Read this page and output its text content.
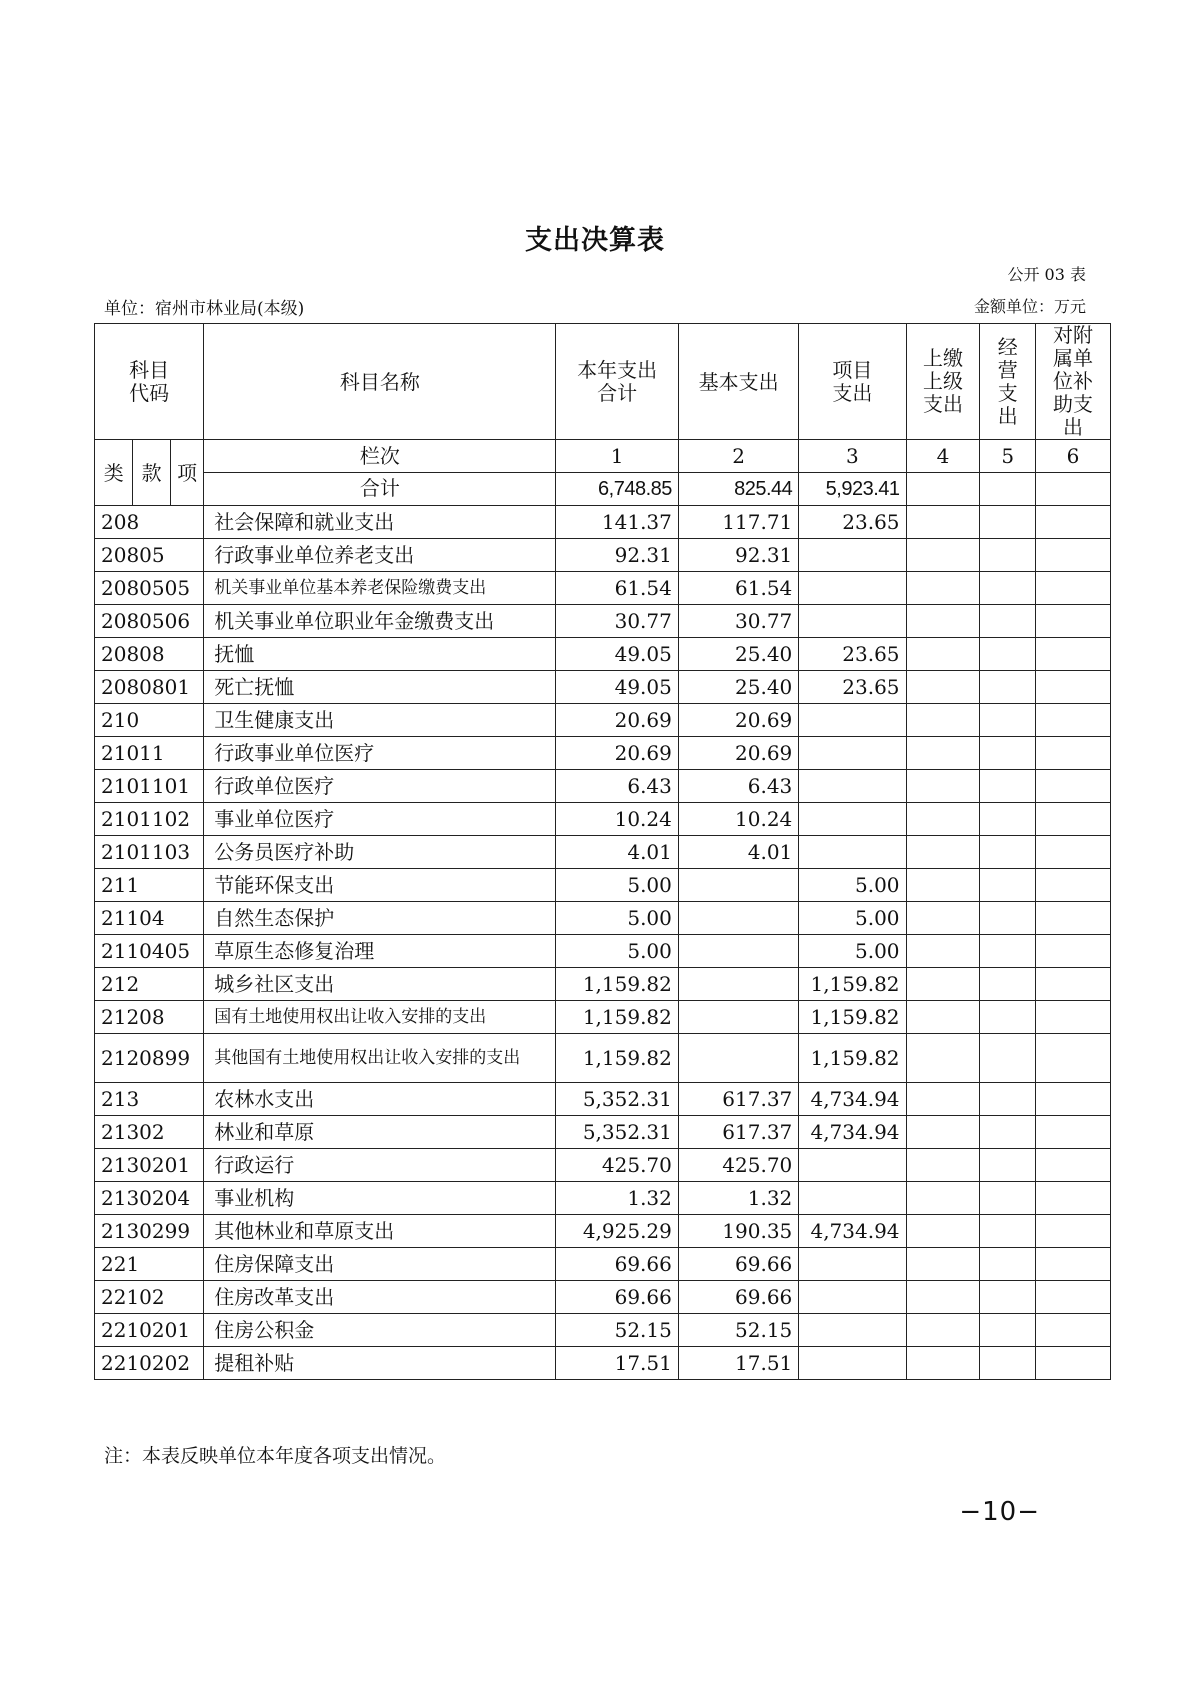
支出决算表
公开 03 表
单位：宿州市林业局(本级)	金额单位：万元
科目代码			科目名称	本年支出合计	基本支出	项目支出	上缴上级支出	经营支出	对附属单位补助支出
类	款	项	栏次	1	2	3	4	5	6
			合计	6,748.85	825.44	5,923.41			
208			社会保障和就业支出	141.37	117.71	23.65			
20805			行政事业单位养老支出	92.31	92.31				
2080505			机关事业单位基本养老保险缴费支出	61.54	61.54				
2080506			机关事业单位职业年金缴费支出	30.77	30.77				
20808			抚恤	49.05	25.40	23.65			
2080801			死亡抚恤	49.05	25.40	23.65			
210			卫生健康支出	20.69	20.69				
21011			行政事业单位医疗	20.69	20.69				
2101101			行政单位医疗	6.43	6.43				
2101102			事业单位医疗	10.24	10.24				
2101103			公务员医疗补助	4.01	4.01				
211			节能环保支出	5.00		5.00			
21104			自然生态保护	5.00		5.00			
2110405			草原生态修复治理	5.00		5.00			
212			城乡社区支出	1,159.82		1,159.82			
21208			国有土地使用权出让收入安排的支出	1,159.82		1,159.82			
2120899			其他国有土地使用权出让收入安排的支出	1,159.82		1,159.82			
213			农林水支出	5,352.31	617.37	4,734.94			
21302			林业和草原	5,352.31	617.37	4,734.94			
2130201			行政运行	425.70	425.70				
2130204			事业机构	1.32	1.32				
2130299			其他林业和草原支出	4,925.29	190.35	4,734.94			
221			住房保障支出	69.66	69.66				
22102			住房改革支出	69.66	69.66				
2210201			住房公积金	52.15	52.15				
2210202			提租补贴	17.51	17.51				
注：本表反映单位本年度各项支出情况。
−10−
